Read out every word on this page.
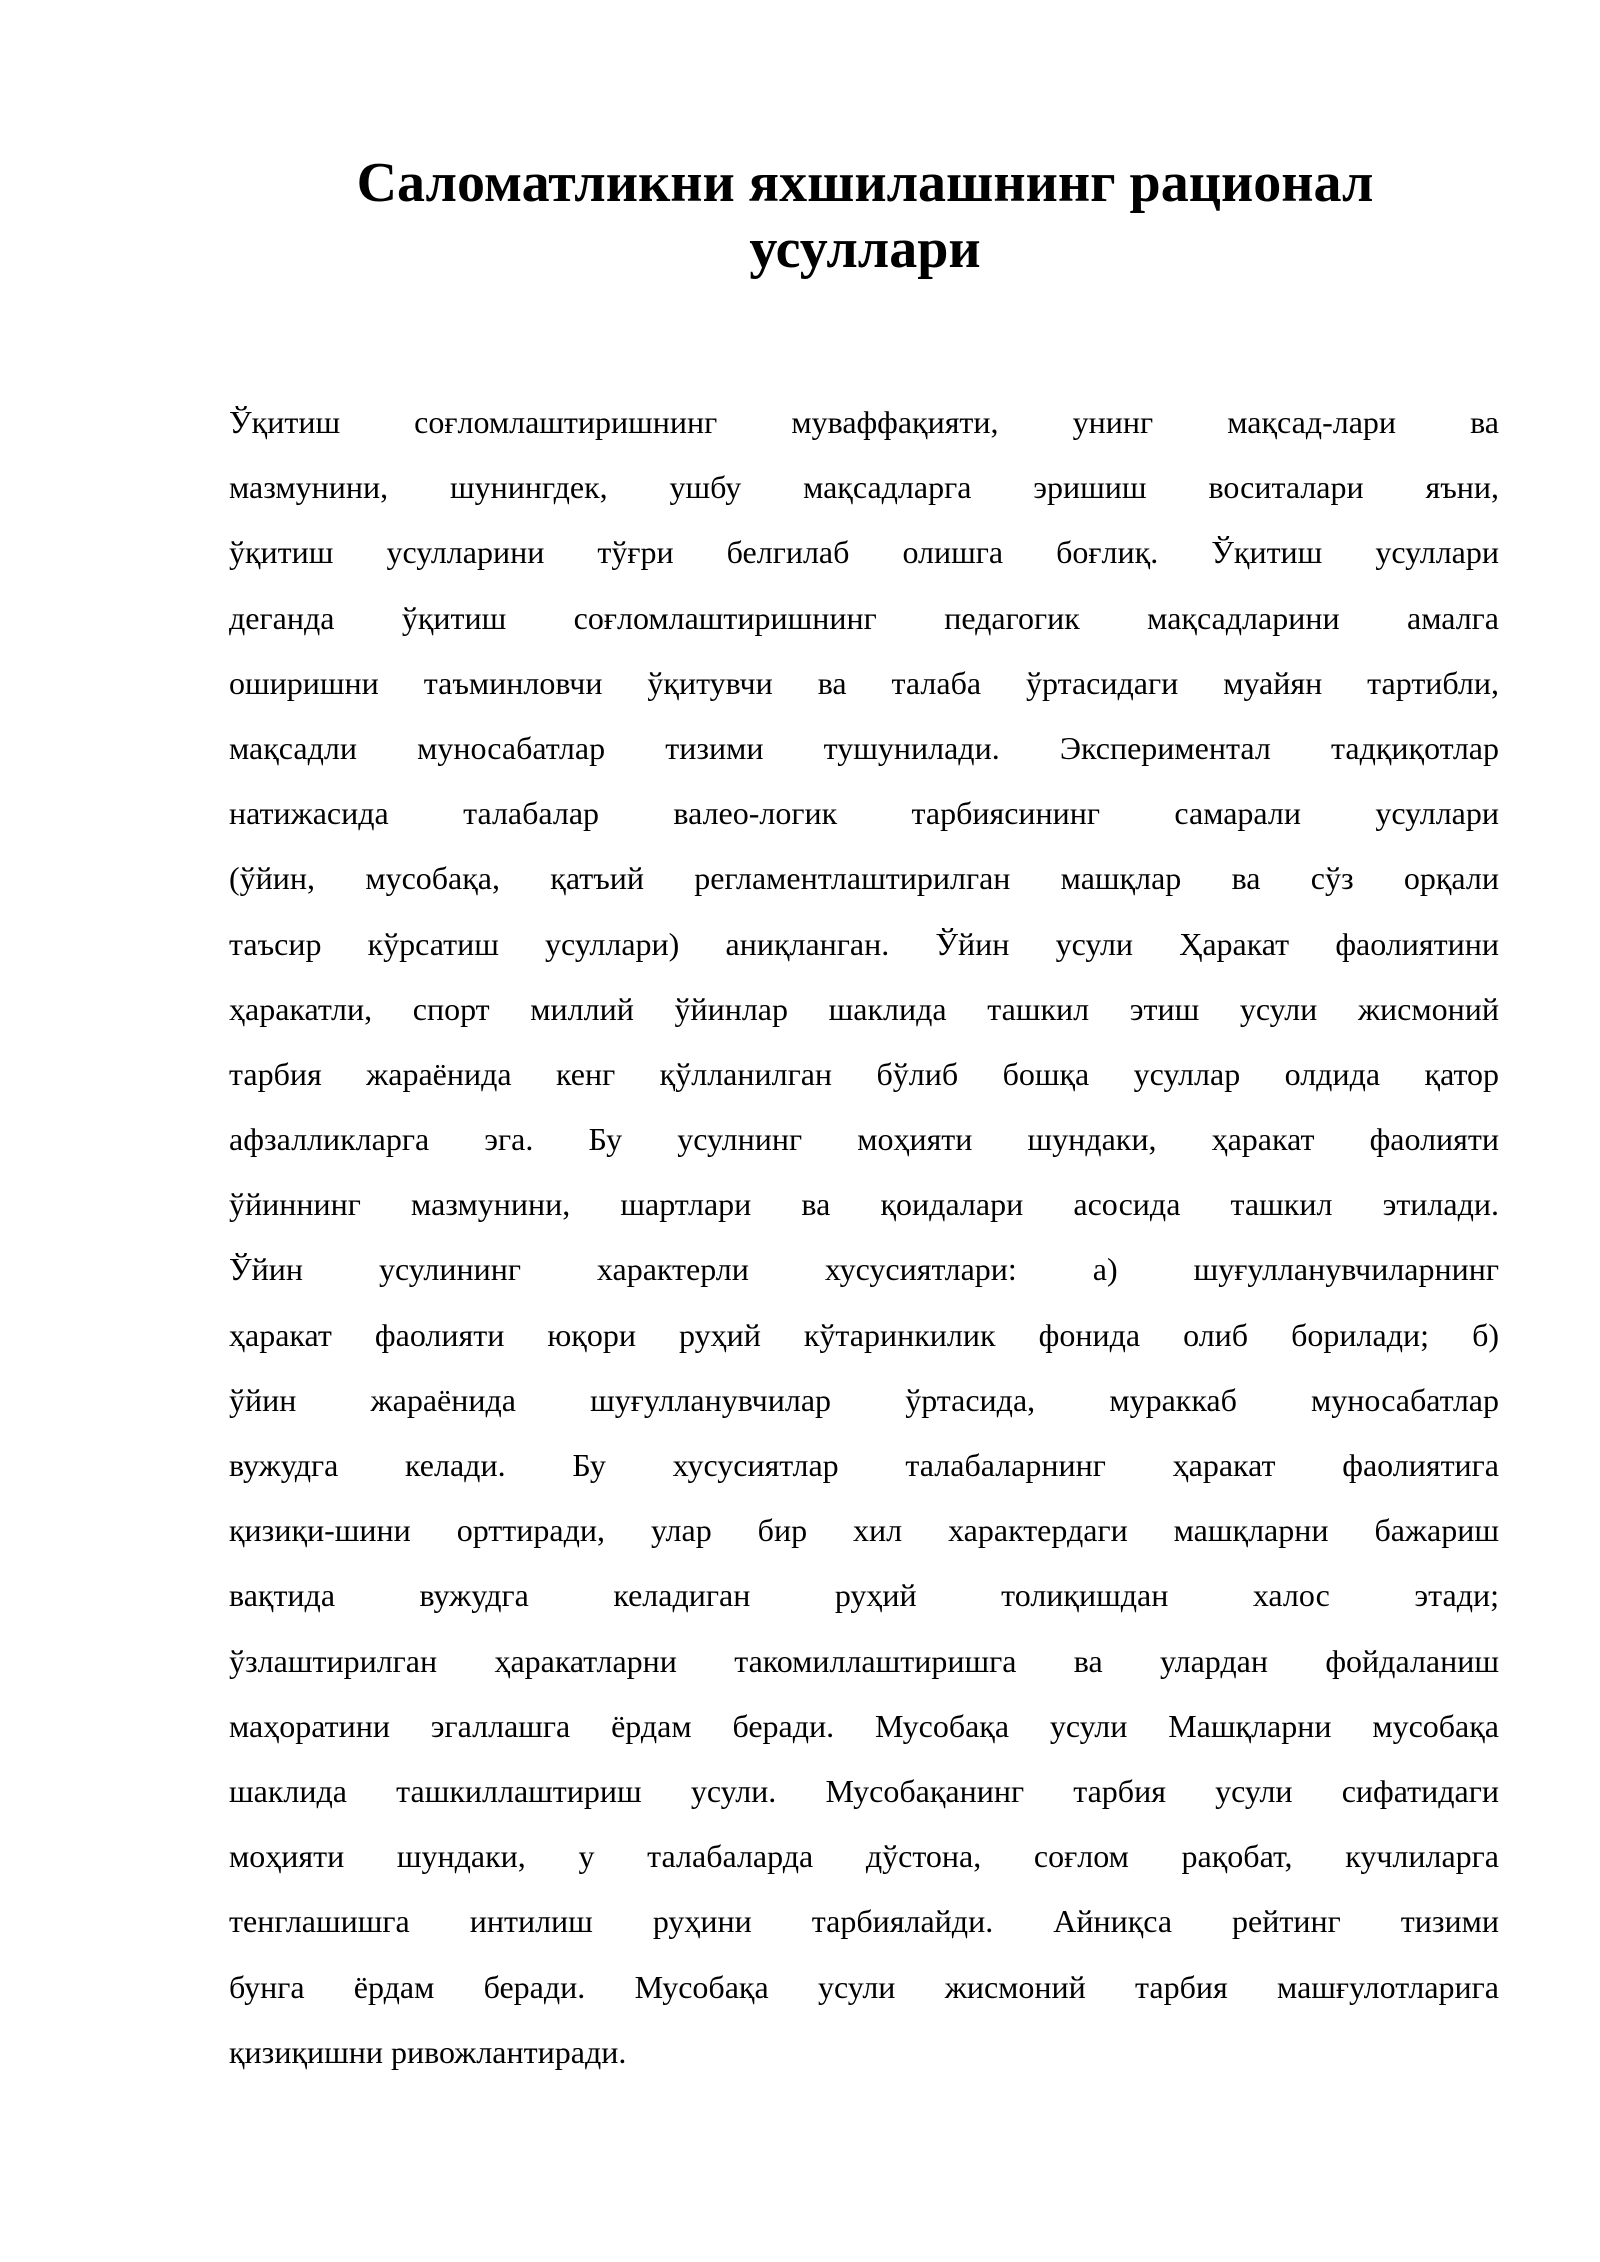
Саломатликни яхшилашнинг рационал
усуллари
Ўқитиш соғломлаштиришнинг муваффақияти, унинг мақсад-лари ва
мазмунини, шунингдек, ушбу мақсадларга эришиш воситалари яъни,
ўқитиш усулларини тўғри белгилаб олишга боғлиқ. Ўқитиш усуллари
деганда ўқитиш соғломлаштиришнинг педагогик мақсадларини амалга
оширишни таъминловчи ўқитувчи ва талаба ўртасидаги муайян тартибли,
мақсадли муносабатлар тизими тушунилади. Экспериментал тадқиқотлар
натижасида талабалар валео-логик тарбиясининг самарали усуллари
(ўйин, мусобақа, қатъий регламентлаштирилган машқлар ва сўз орқали
таъсир кўрсатиш усуллари) аниқланган. Ўйин усули Ҳаракат фаолиятини
ҳаракатли, спорт миллий ўйинлар шаклида ташкил этиш усули жисмоний
тарбия жараёнида кенг қўлланилган бўлиб бошқа усуллар олдида қатор
афзалликларга эга. Бу усулнинг моҳияти шундаки, ҳаракат фаолияти
ўйиннинг мазмунини, шартлари ва қоидалари асосида ташкил этилади.
Ўйин усулининг характерли хусусиятлари: а) шуғулланувчиларнинг
ҳаракат фаолияти юқори руҳий кўтаринкилик фонида олиб борилади; б)
ўйин жараёнида шуғулланувчилар ўртасида, мураккаб муносабатлар
вужудга келади. Бу хусусиятлар талабаларнинг ҳаракат фаолиятига
қизиқи-шини орттиради, улар бир хил характердаги машқларни бажариш
вақтида вужудга келадиган руҳий толиқишдан халос этади;
ўзлаштирилган ҳаракатларни такомиллаштиришга ва улардан фойдаланиш
маҳоратини эгаллашга ёрдам беради. Мусобақа усули Машқларни мусобақа
шаклида ташкиллаштириш усули. Мусобақанинг тарбия усули сифатидаги
моҳияти шундаки, у талабаларда дўстона, соғлом рақобат, кучлиларга
тенглашишга интилиш руҳини тарбиялайди. Айниқса рейтинг тизими
бунга ёрдам беради. Мусобақа усули жисмоний тарбия машғулотларига
қизиқишни ривожлантиради.
